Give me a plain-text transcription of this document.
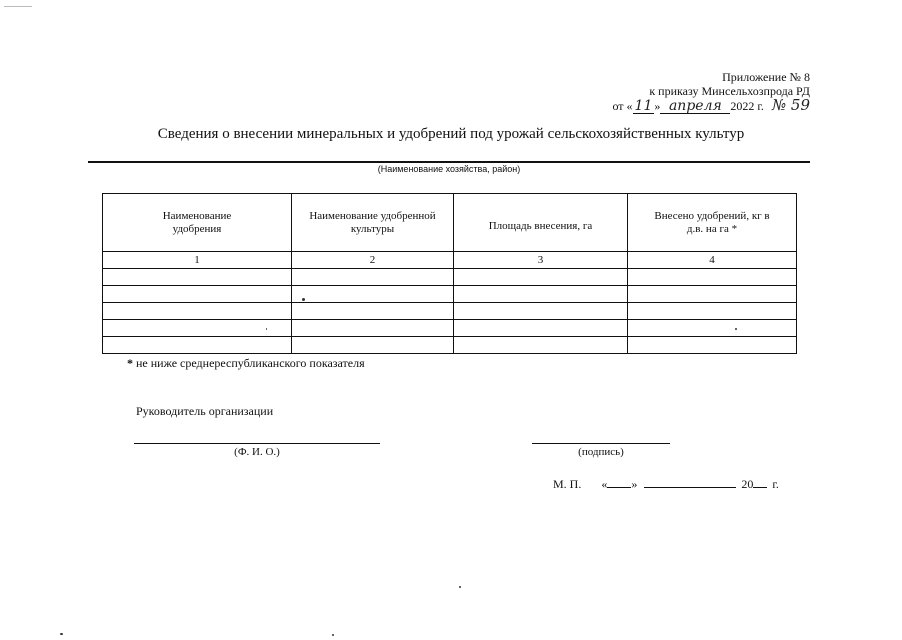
Приложение № 8
к приказу Минсельхозпрода РД
от « 11 » апреля 2022 г. № 59
Сведения о внесении минеральных и удобрений под урожай сельскохозяйственных культур
(Наименование хозяйства, район)
Наименование удобрения	Наименование удобренной культуры	Площадь внесения, га	Внесено удобрений, кг в д.в. на га *
1	2	3	4

* не ниже среднереспубликанского показателя
Руководитель организации
(Ф. И. О.)	(подпись)
М. П. « »	20 г.
